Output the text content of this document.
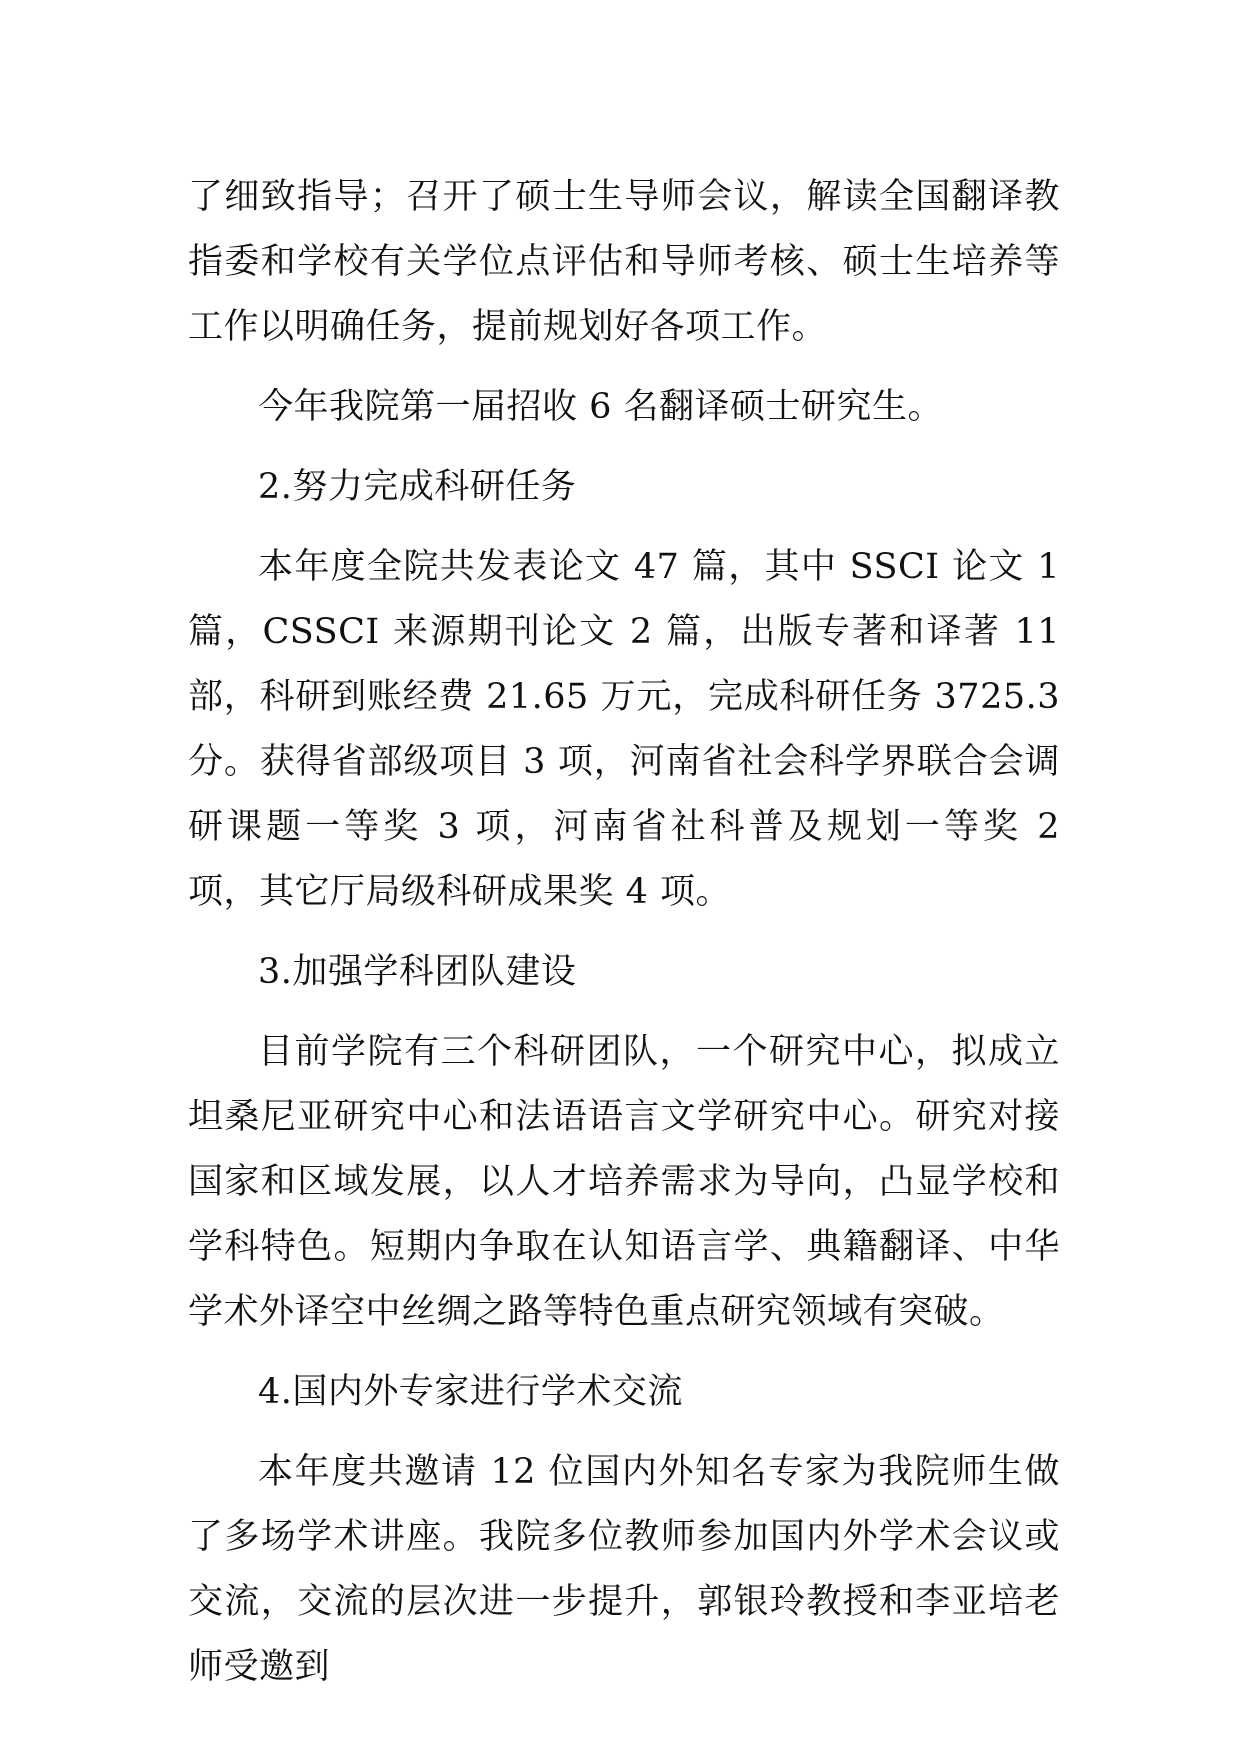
了细致指导；召开了硕士生导师会议，解读全国翻译教指委和学校有关学位点评估和导师考核、硕士生培养等工作以明确任务，提前规划好各项工作。

今年我院第一届招收 6 名翻译硕士研究生。

2.努力完成科研任务

本年度全院共发表论文 47 篇，其中 SSCI 论文 1 篇，CSSCI 来源期刊论文 2 篇，出版专著和译著 11 部，科研到账经费 21.65 万元，完成科研任务 3725.3 分。获得省部级项目 3 项，河南省社会科学界联合会调研课题一等奖 3 项，河南省社科普及规划一等奖 2 项，其它厅局级科研成果奖 4 项。

3.加强学科团队建设

目前学院有三个科研团队，一个研究中心，拟成立坦桑尼亚研究中心和法语语言文学研究中心。研究对接国家和区域发展，以人才培养需求为导向，凸显学校和学科特色。短期内争取在认知语言学、典籍翻译、中华学术外译空中丝绸之路等特色重点研究领域有突破。

4.国内外专家进行学术交流

本年度共邀请 12 位国内外知名专家为我院师生做了多场学术讲座。我院多位教师参加国内外学术会议或交流，交流的层次进一步提升，郭银玲教授和李亚培老师受邀到
